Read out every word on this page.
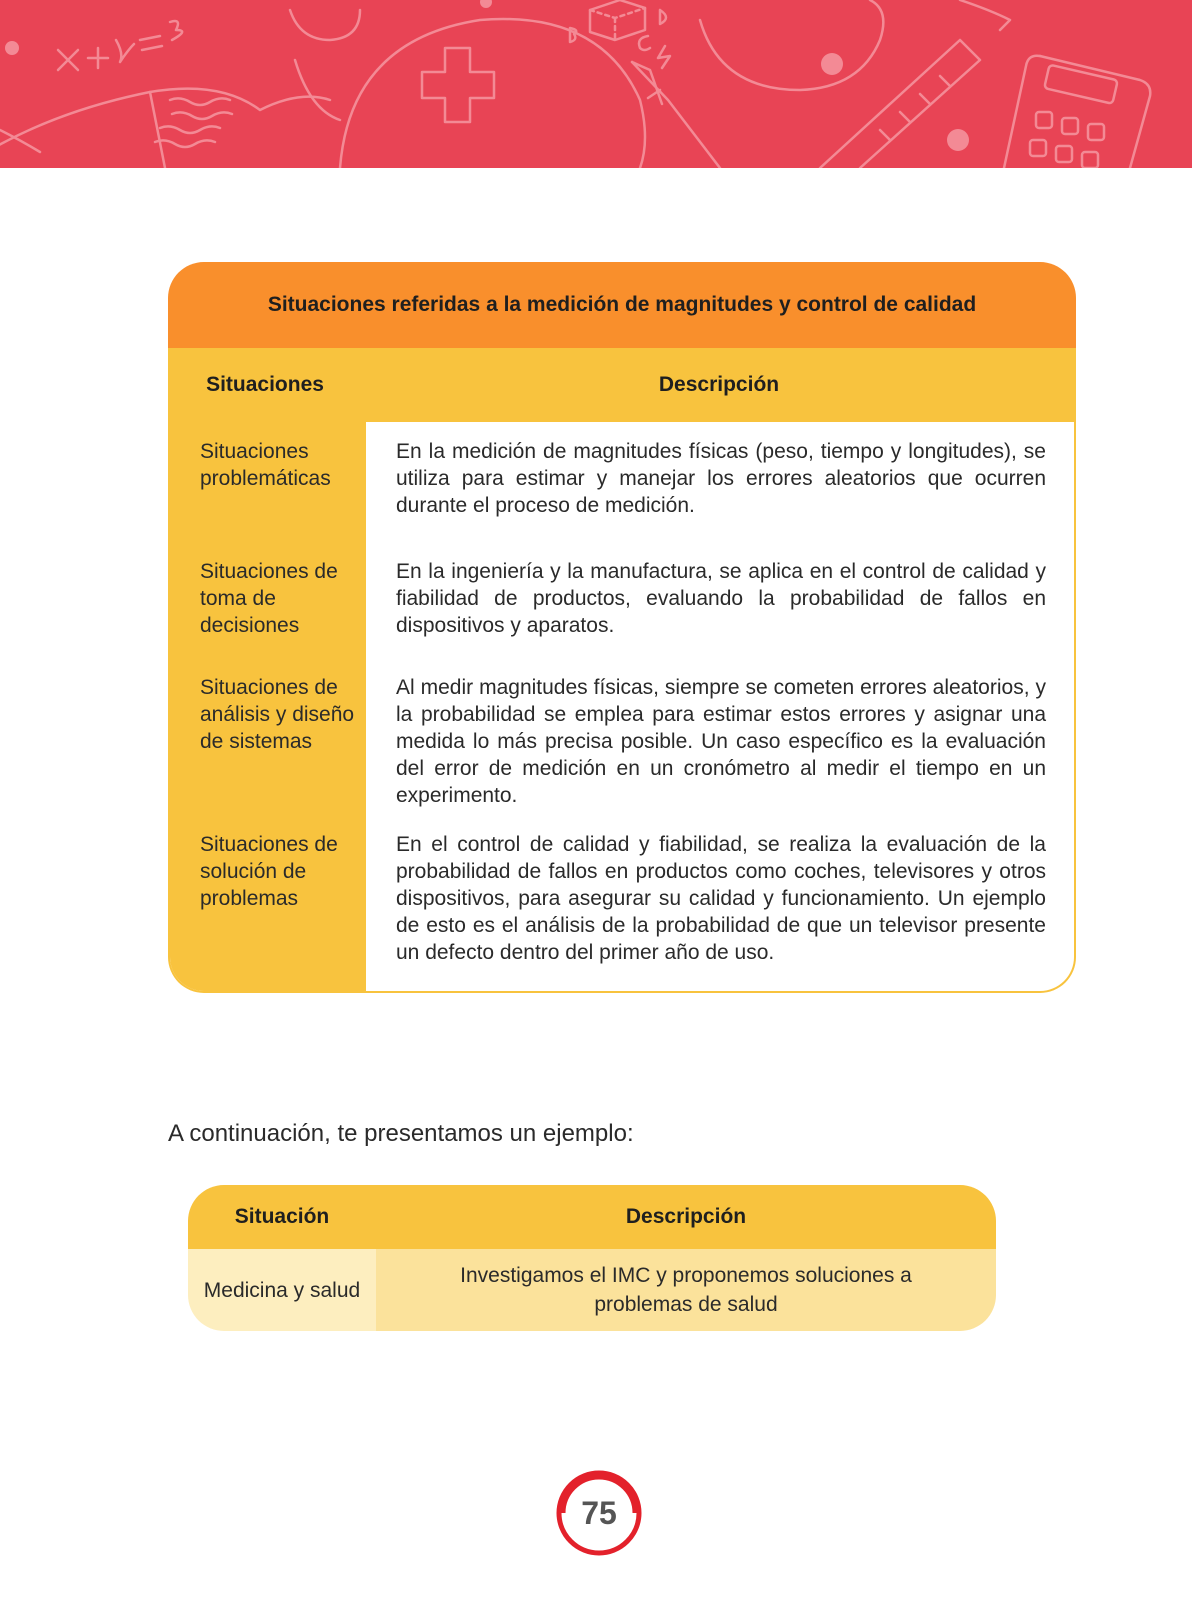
Situaciones referidas a la medición de magnitudes y control de calidad
Situaciones	Descripción
Situaciones problemáticas
En la medición de magnitudes físicas (peso, tiempo y longitudes), se utiliza para estimar y manejar los errores aleatorios que ocurren durante el proceso de medición.
Situaciones de toma de decisiones
En la ingeniería y la manufactura, se aplica en el control de calidad y fiabilidad de productos, evaluando la probabilidad de fallos en dispositivos y aparatos.
Situaciones de análisis y diseño de sistemas
Al medir magnitudes físicas, siempre se cometen errores aleatorios, y la probabilidad se emplea para estimar estos errores y asignar una medida lo más precisa posible. Un caso específico es la evaluación del error de medición en un cronómetro al medir el tiempo en un experimento.
Situaciones de solución de problemas
En el control de calidad y fiabilidad, se realiza la evaluación de la probabilidad de fallos en productos como coches, televisores y otros dispositivos, para asegurar su calidad y funcionamiento. Un ejemplo de esto es el análisis de la probabilidad de que un televisor presente un defecto dentro del primer año de uso.
A continuación, te presentamos un ejemplo:
Situación	Descripción
Medicina y salud
Investigamos el IMC y proponemos soluciones a problemas de salud
75
